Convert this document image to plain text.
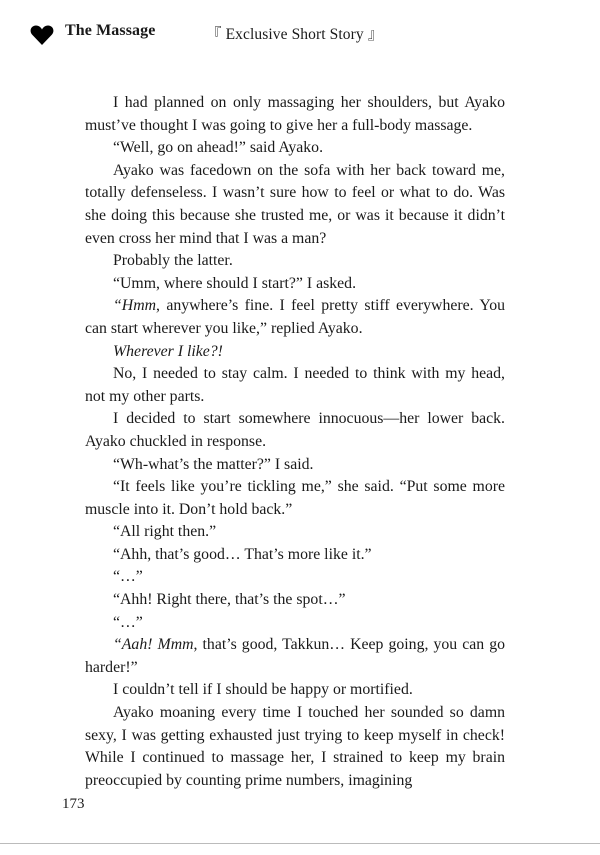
The Massage	『 Exclusive Short Story 』

I had planned on only massaging her shoulders, but Ayako must’ve thought I was going to give her a full-body massage.

“Well, go on ahead!” said Ayako.

Ayako was facedown on the sofa with her back toward me, totally defenseless. I wasn’t sure how to feel or what to do. Was she doing this because she trusted me, or was it because it didn’t even cross her mind that I was a man?

Probably the latter.

“Umm, where should I start?” I asked.

“Hmm, anywhere’s fine. I feel pretty stiff everywhere. You can start wherever you like,” replied Ayako.

Wherever I like?!

No, I needed to stay calm. I needed to think with my head, not my other parts.

I decided to start somewhere innocuous—her lower back. Ayako chuckled in response.

“Wh-what’s the matter?” I said.

“It feels like you’re tickling me,” she said. “Put some more muscle into it. Don’t hold back.”

“All right then.”

“Ahh, that’s good… That’s more like it.”

“…”

“Ahh! Right there, that’s the spot…”

“…”

“Aah! Mmm, that’s good, Takkun… Keep going, you can go harder!”

I couldn’t tell if I should be happy or mortified.

Ayako moaning every time I touched her sounded so damn sexy, I was getting exhausted just trying to keep myself in check! While I continued to massage her, I strained to keep my brain preoccupied by counting prime numbers, imagining

173
